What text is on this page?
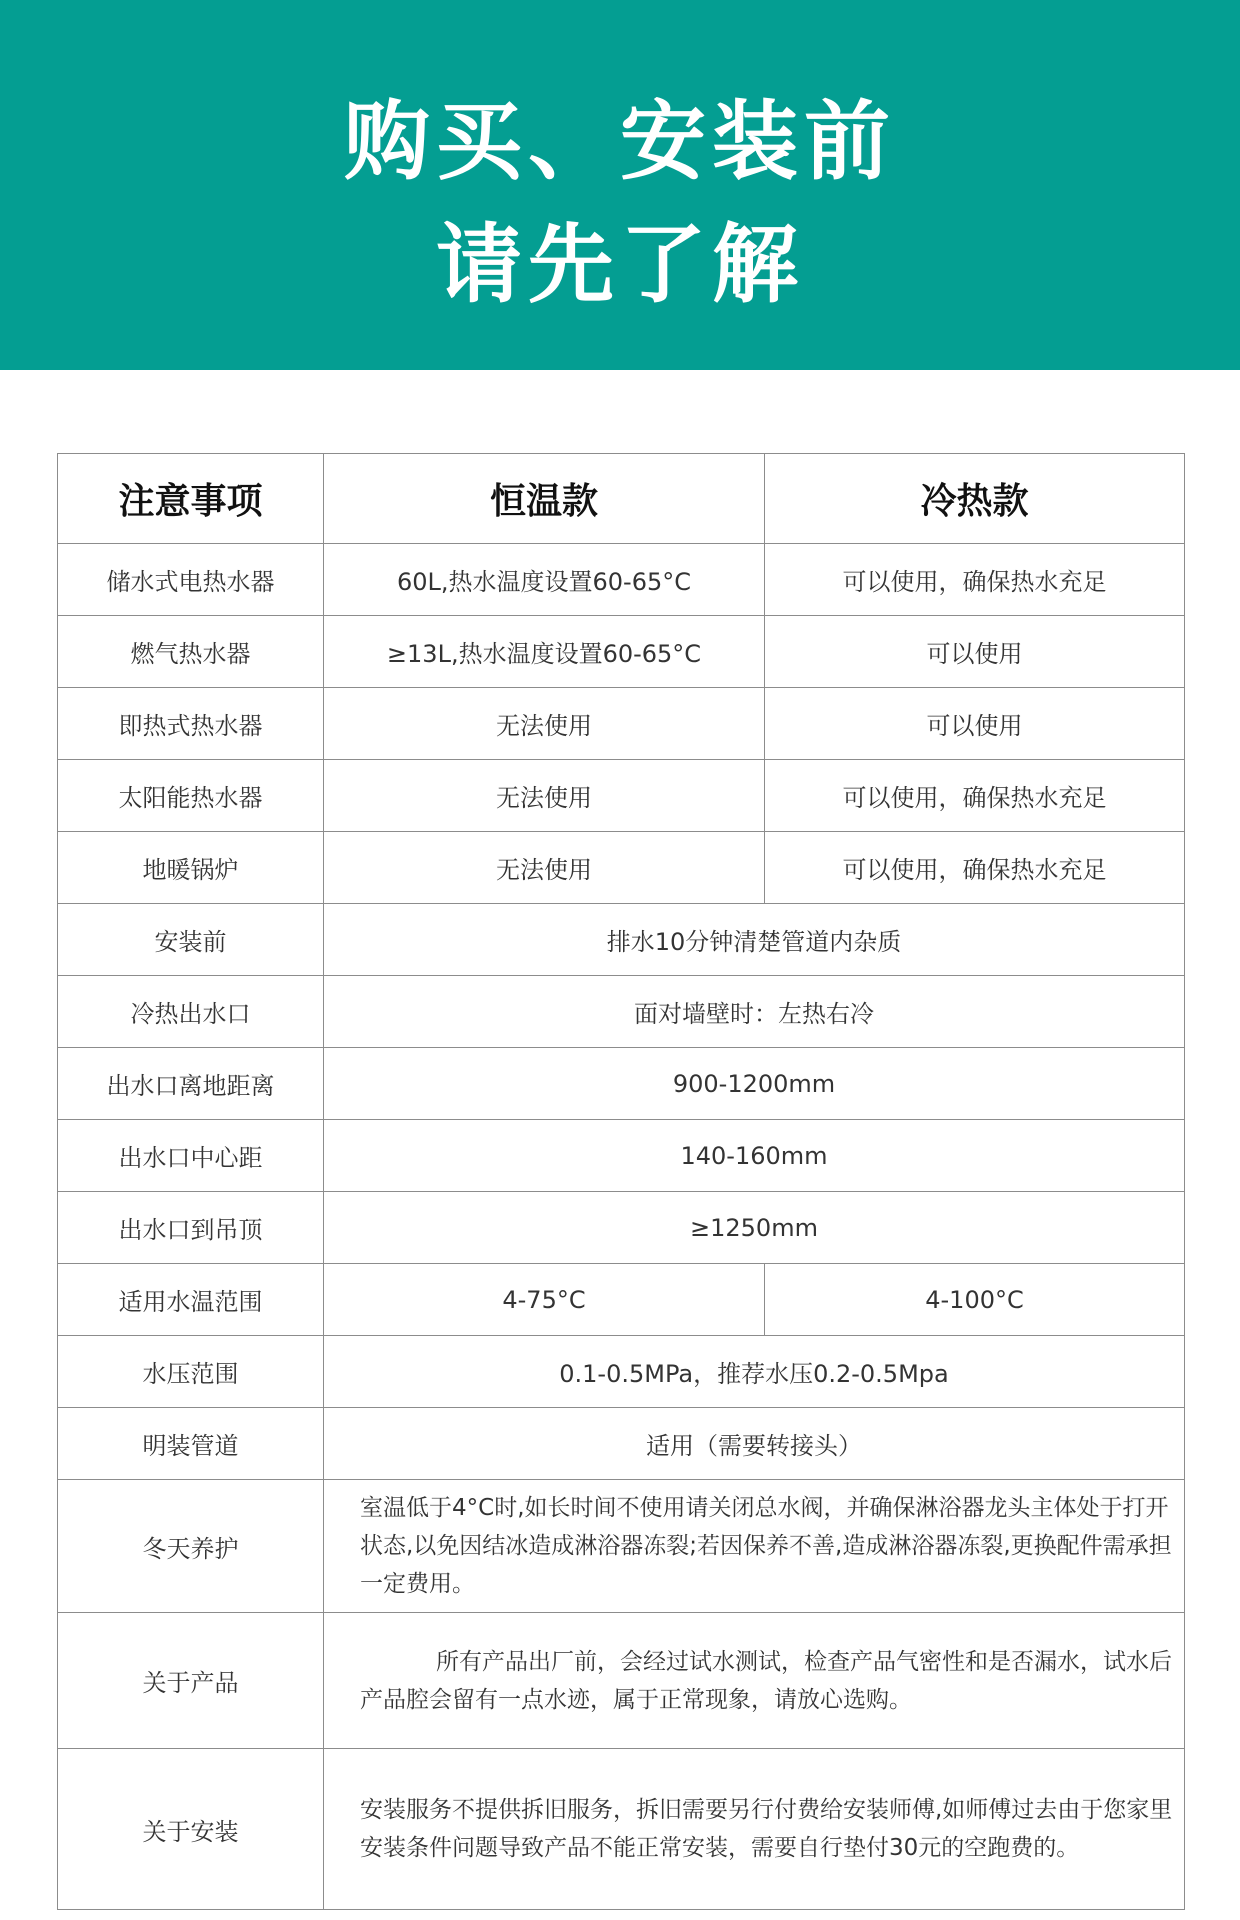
购买、安装前
请先了解
注意事项	恒温款	冷热款
储水式电热水器	60L,热水温度设置60-65°C	可以使用，确保热水充足
燃气热水器	≥13L,热水温度设置60-65°C	可以使用
即热式热水器	无法使用	可以使用
太阳能热水器	无法使用	可以使用，确保热水充足
地暖锅炉	无法使用	可以使用，确保热水充足
安装前	排水10分钟清楚管道内杂质	
冷热出水口	面对墙壁时：左热右冷	
出水口离地距离	900-1200mm	
出水口中心距	140-160mm	
出水口到吊顶	≥1250mm	
适用水温范围	4-75°C	4-100°C
水压范围	0.1-0.5MPa，推荐水压0.2-0.5Mpa	
明装管道	适用（需要转接头）	
冬天养护	室温低于4°C时,如长时间不使用请关闭总水阀，并确保淋浴器龙头主体处于打开状态,以免因结冰造成淋浴器冻裂;若因保养不善,造成淋浴器冻裂,更换配件需承担一定费用。	
关于产品	所有产品出厂前，会经过试水测试，检查产品气密性和是否漏水，试水后产品腔会留有一点水迹，属于正常现象，请放心选购。	
关于安装	安装服务不提供拆旧服务，拆旧需要另行付费给安装师傅,如师傅过去由于您家里安装条件问题导致产品不能正常安装，需要自行垫付30元的空跑费的。	
